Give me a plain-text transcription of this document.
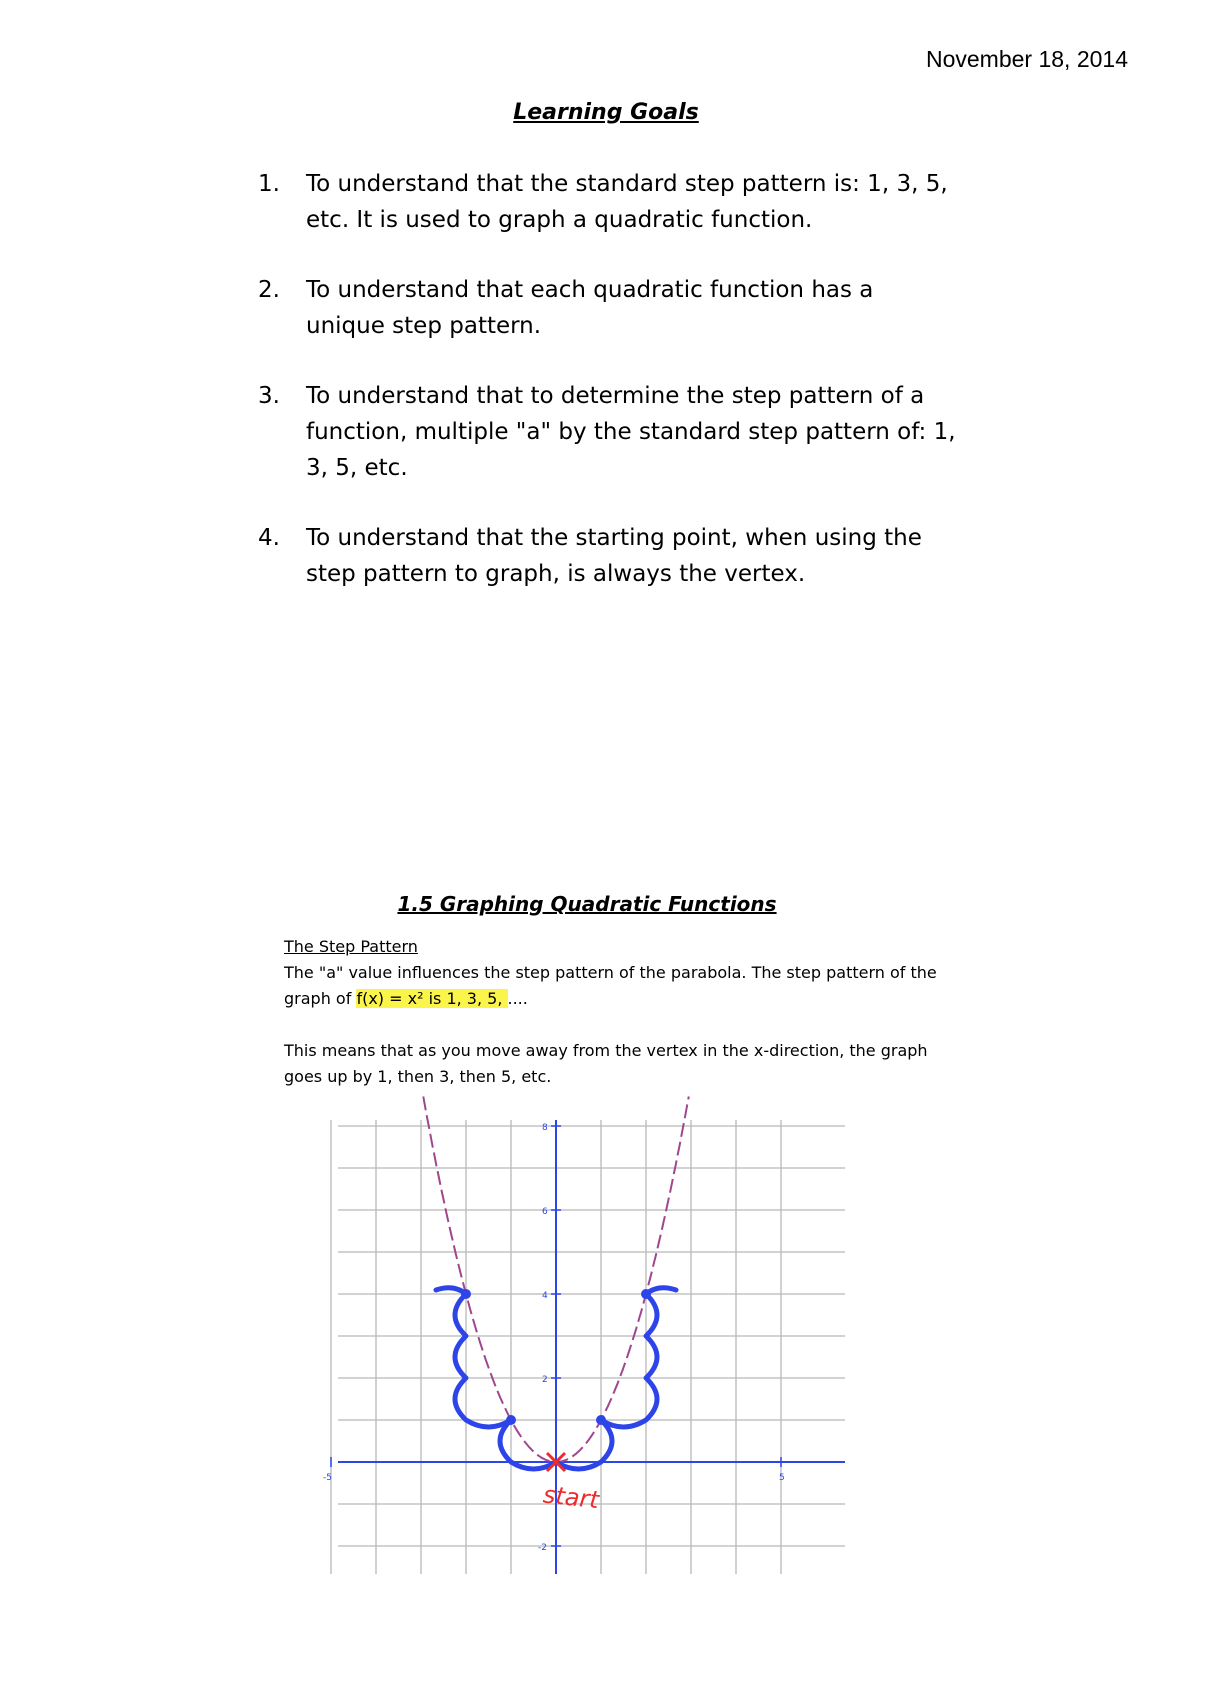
November 18, 2014
Learning Goals
1. To understand that the standard step pattern is: 1, 3, 5, etc. It is used to graph a quadratic function.
2. To understand that each quadratic function has a unique step pattern.
3. To understand that to determine the step pattern of a function, multiple "a" by the standard step pattern of: 1, 3, 5, etc.
4. To understand that the starting point, when using the step pattern to graph, is always the vertex.
1.5 Graphing Quadratic Functions

The Step Pattern
The "a" value influences the step pattern of the parabola. The step pattern of the graph of f(x) = x² is 1, 3, 5, ....

This means that as you move away from the vertex in the x-direction, the graph goes up by 1, then 3, then 5, etc.

-5	5
8
6
4
2
-2
start
